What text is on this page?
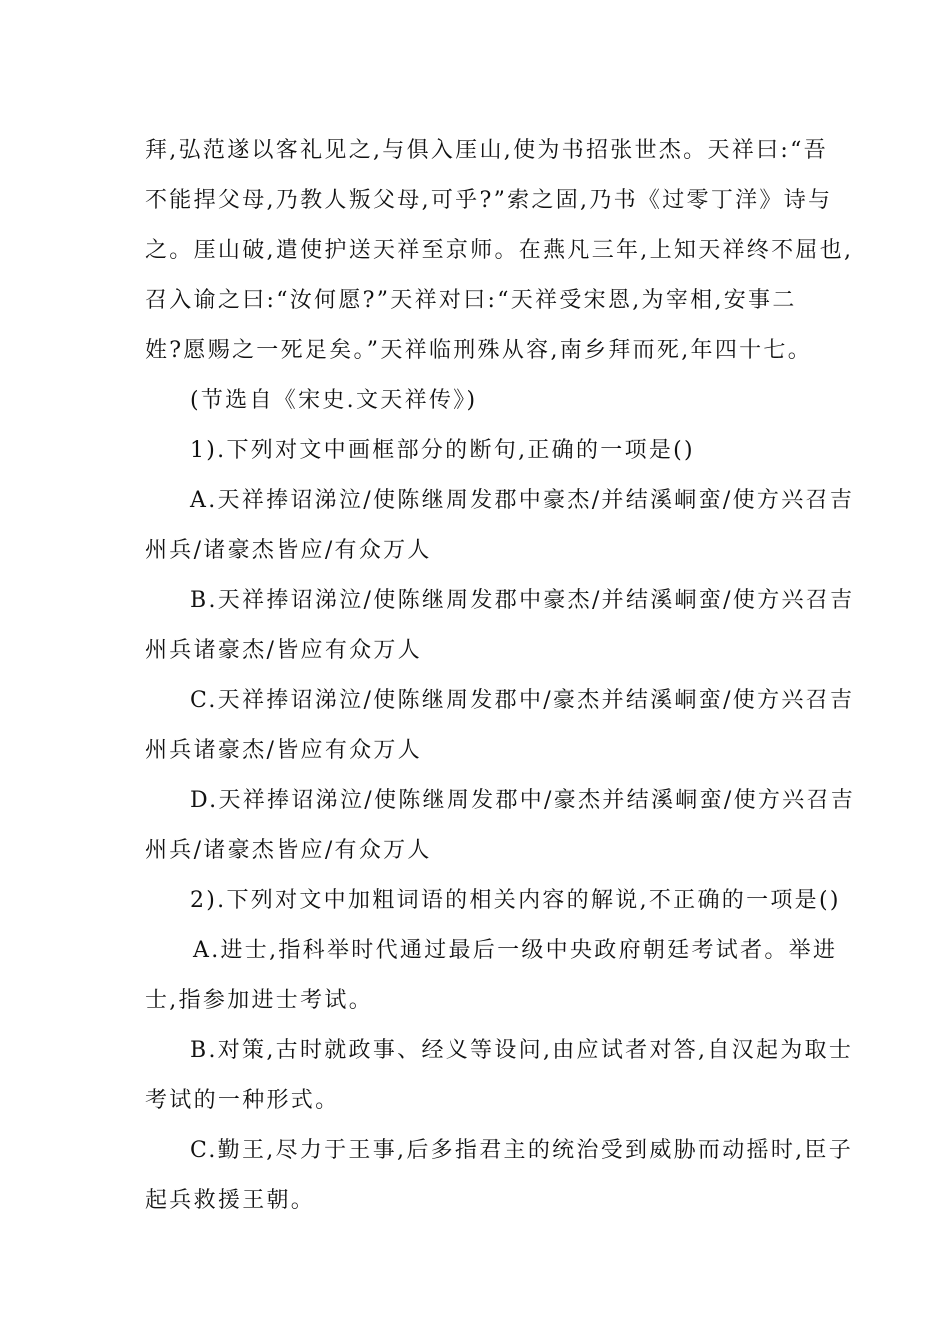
拜,弘范遂以客礼见之,与俱入厓山,使为书招张世杰。天祥曰:“吾
不能捍父母,乃教人叛父母,可乎?”索之固,乃书《过零丁洋》诗与
之。厓山破,遣使护送天祥至京师。在燕凡三年,上知天祥终不屈也,
召入谕之曰:“汝何愿?”天祥对曰:“天祥受宋恩,为宰相,安事二
姓?愿赐之一死足矣。”天祥临刑殊从容,南乡拜而死,年四十七。
(节选自《宋史.文天祥传》)
1).下列对文中画框部分的断句,正确的一项是()
A.天祥捧诏涕泣/使陈继周发郡中豪杰/并结溪峒蛮/使方兴召吉
州兵/诸豪杰皆应/有众万人
B.天祥捧诏涕泣/使陈继周发郡中豪杰/并结溪峒蛮/使方兴召吉
州兵诸豪杰/皆应有众万人
C.天祥捧诏涕泣/使陈继周发郡中/豪杰并结溪峒蛮/使方兴召吉
州兵诸豪杰/皆应有众万人
D.天祥捧诏涕泣/使陈继周发郡中/豪杰并结溪峒蛮/使方兴召吉
州兵/诸豪杰皆应/有众万人
2).下列对文中加粗词语的相关内容的解说,不正确的一项是()
A.进士,指科举时代通过最后一级中央政府朝廷考试者。举进
士,指参加进士考试。
B.对策,古时就政事、经义等设问,由应试者对答,自汉起为取士
考试的一种形式。
C.勤王,尽力于王事,后多指君主的统治受到威胁而动摇时,臣子
起兵救援王朝。
